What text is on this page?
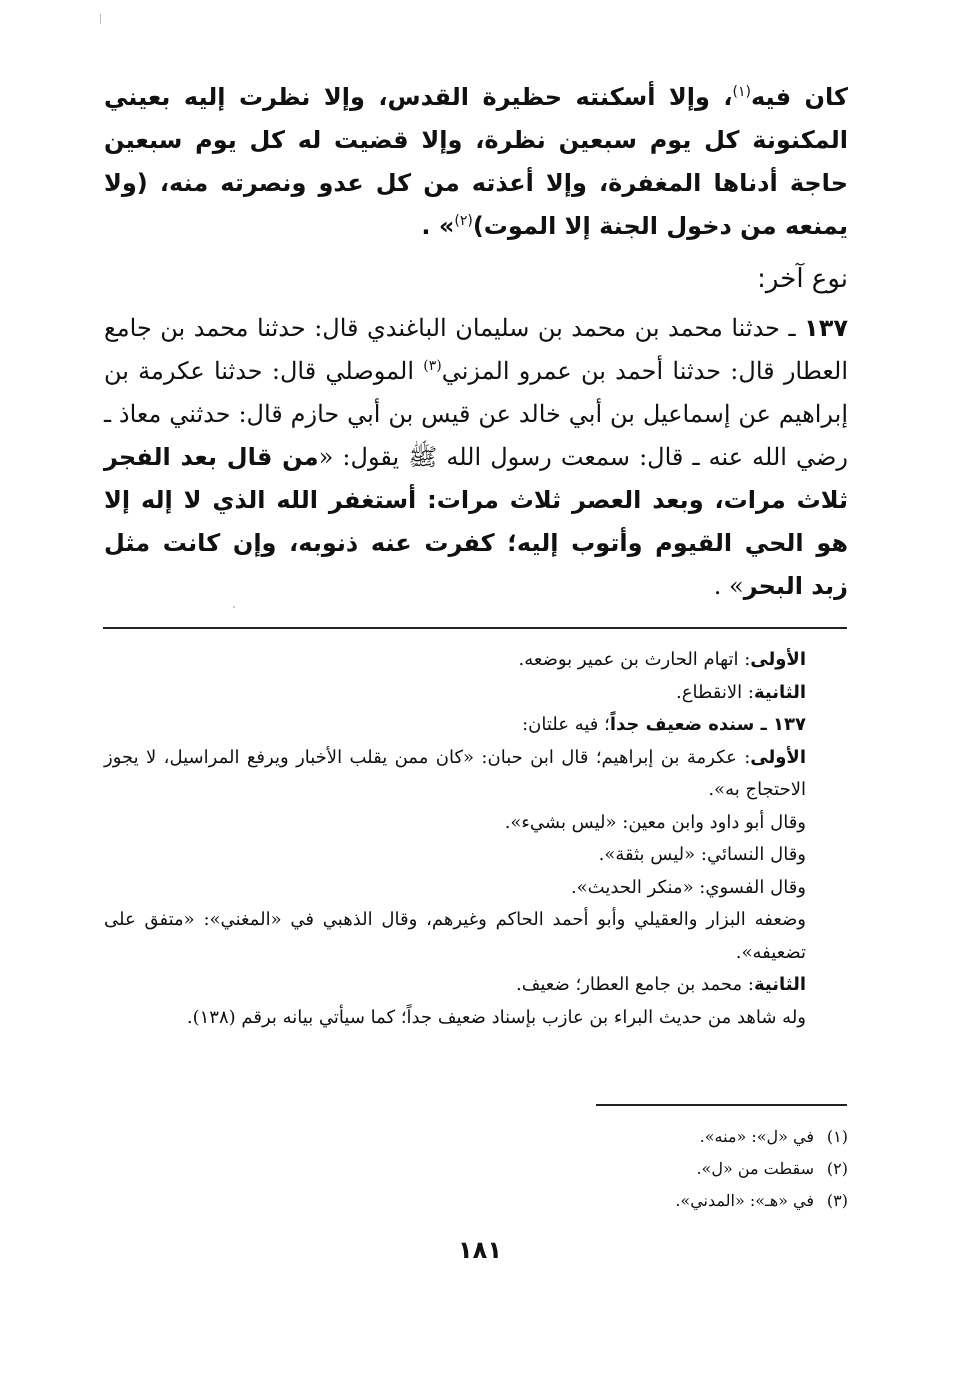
كان فيه$^{(١)}$، وإلا أسكنته حظيرة القدس، وإلا نظرت إليه بعيني المكنونة كل يوم سبعين نظرة، وإلا قضيت له كل يوم سبعين حاجة أدناها المغفرة، وإلا أعذته من كل عدو ونصرته منه، (ولا يمنعه من دخول الجنة إلا الموت)$^{(٢)}$» .

نوع آخر:

١٣٧ ـ حدثنا محمد بن محمد بن سليمان الباغندي قال: حدثنا محمد بن جامع العطار قال: حدثنا أحمد بن عمرو المزني$^{(٣)}$ الموصلي قال: حدثنا عكرمة بن إبراهيم عن إسماعيل بن أبي خالد عن قيس بن أبي حازم قال: حدثني معاذ ـ رضي الله عنه ـ قال: سمعت رسول الله ﷺ يقول: «من قال بعد الفجر ثلاث مرات، وبعد العصر ثلاث مرات: أستغفر الله الذي لا إله إلا هو الحي القيوم وأتوب إليه؛ كفرت عنه ذنوبه، وإن كانت مثل زبد البحر» .

الأولى: اتهام الحارث بن عمير بوضعه.

الثانية: الانقطاع.

١٣٧ ـ سنده ضعيف جداً؛ فيه علتان:

الأولى: عكرمة بن إبراهيم؛ قال ابن حبان: «كان ممن يقلب الأخبار ويرفع المراسيل، لا يجوز الاحتجاج به».

وقال أبو داود وابن معين: «ليس بشيء».

وقال النسائي: «ليس بثقة».

وقال الفسوي: «منكر الحديث».

وضعفه البزار والعقيلي وأبو أحمد الحاكم وغيرهم، وقال الذهبي في «المغني»: «متفق على تضعيفه».

الثانية: محمد بن جامع العطار؛ ضعيف.

وله شاهد من حديث البراء بن عازب بإسناد ضعيف جداً؛ كما سيأتي بيانه برقم (١٣٨).

(١)في «ل»: «منه».
(٢)سقطت من «ل».
(٣)في «هـ»: «المدني».
١٨١
